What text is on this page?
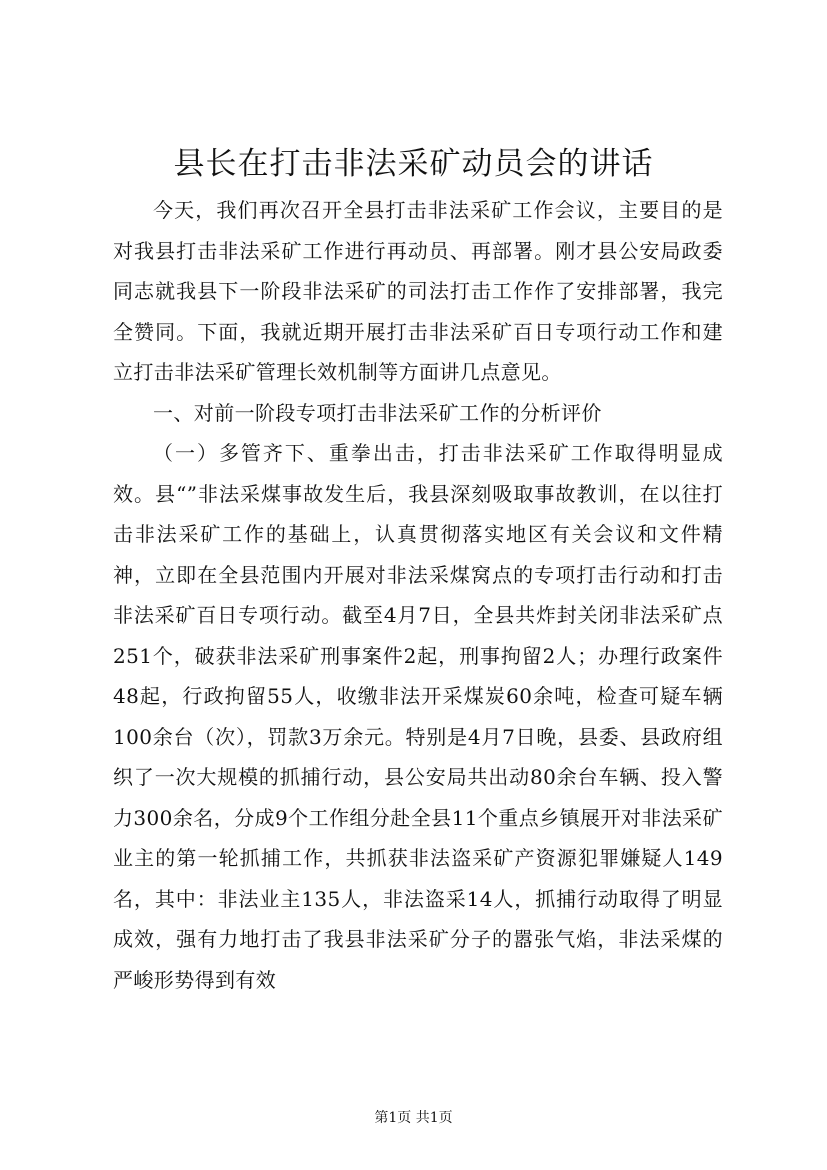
县长在打击非法采矿动员会的讲话

今天，我们再次召开全县打击非法采矿工作会议，主要目的是对我县打击非法采矿工作进行再动员、再部署。刚才县公安局政委同志就我县下一阶段非法采矿的司法打击工作作了安排部署，我完全赞同。下面，我就近期开展打击非法采矿百日专项行动工作和建立打击非法采矿管理长效机制等方面讲几点意见。

一、对前一阶段专项打击非法采矿工作的分析评价

（一）多管齐下、重拳出击，打击非法采矿工作取得明显成效。县“”非法采煤事故发生后，我县深刻吸取事故教训，在以往打击非法采矿工作的基础上，认真贯彻落实地区有关会议和文件精神，立即在全县范围内开展对非法采煤窝点的专项打击行动和打击非法采矿百日专项行动。截至4月7日，全县共炸封关闭非法采矿点251个，破获非法采矿刑事案件2起，刑事拘留2人；办理行政案件48起，行政拘留55人，收缴非法开采煤炭60余吨，检查可疑车辆100余台（次），罚款3万余元。特别是4月7日晚，县委、县政府组织了一次大规模的抓捕行动，县公安局共出动80余台车辆、投入警力300余名，分成9个工作组分赴全县11个重点乡镇展开对非法采矿业主的第一轮抓捕工作，共抓获非法盗采矿产资源犯罪嫌疑人149名，其中：非法业主135人，非法盗采14人，抓捕行动取得了明显成效，强有力地打击了我县非法采矿分子的嚣张气焰，非法采煤的严峻形势得到有效

第1页 共1页
